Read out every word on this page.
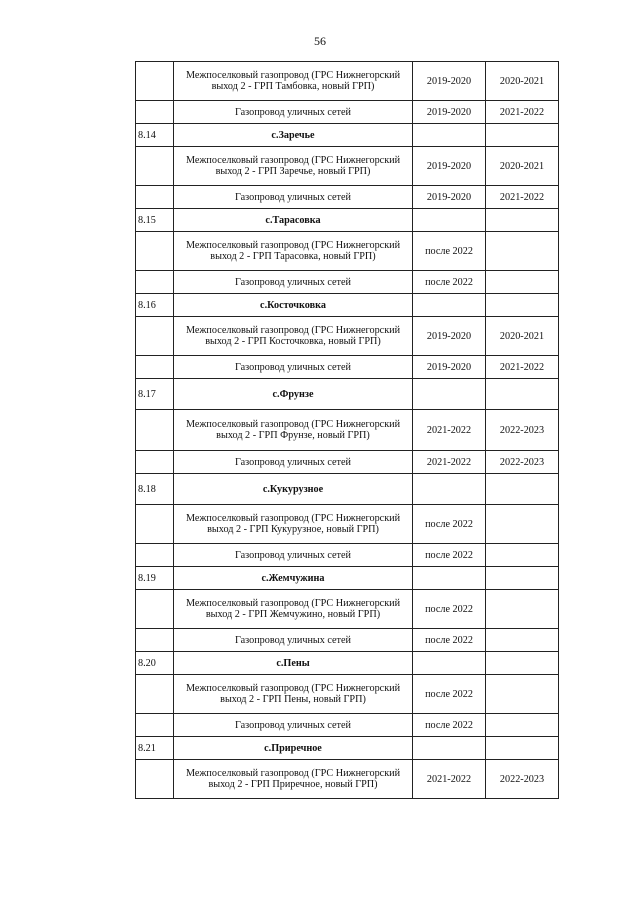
56
	Межпоселковый газопровод (ГРС Нижнегорский выход 2 - ГРП Тамбовка, новый ГРП)	2019-2020	2020-2021
	Газопровод уличных сетей	2019-2020	2021-2022
8.14	с.Заречье		
	Межпоселковый газопровод (ГРС Нижнегорский выход 2 - ГРП Заречье, новый ГРП)	2019-2020	2020-2021
	Газопровод уличных сетей	2019-2020	2021-2022
8.15	с.Тарасовка		
	Межпоселковый газопровод (ГРС Нижнегорский выход 2 - ГРП Тарасовка, новый ГРП)	после 2022	
	Газопровод уличных сетей	после 2022	
8.16	с.Косточковка		
	Межпоселковый газопровод (ГРС Нижнегорский выход 2 - ГРП Косточковка, новый ГРП)	2019-2020	2020-2021
	Газопровод уличных сетей	2019-2020	2021-2022
8.17	с.Фрунзе		
	Межпоселковый газопровод (ГРС Нижнегорский выход 2 - ГРП Фрунзе, новый ГРП)	2021-2022	2022-2023
	Газопровод уличных сетей	2021-2022	2022-2023
8.18	с.Кукурузное		
	Межпоселковый газопровод (ГРС Нижнегорский выход 2 - ГРП Кукурузное, новый ГРП)	после 2022	
	Газопровод уличных сетей	после 2022	
8.19	с.Жемчужина		
	Межпоселковый газопровод (ГРС Нижнегорский выход 2 - ГРП Жемчужино, новый ГРП)	после 2022	
	Газопровод уличных сетей	после 2022	
8.20	с.Пены		
	Межпоселковый газопровод (ГРС Нижнегорский выход 2 - ГРП Пены, новый ГРП)	после 2022	
	Газопровод уличных сетей	после 2022	
8.21	с.Приречное		
	Межпоселковый газопровод (ГРС Нижнегорский выход 2 - ГРП Приречное, новый ГРП)	2021-2022	2022-2023
